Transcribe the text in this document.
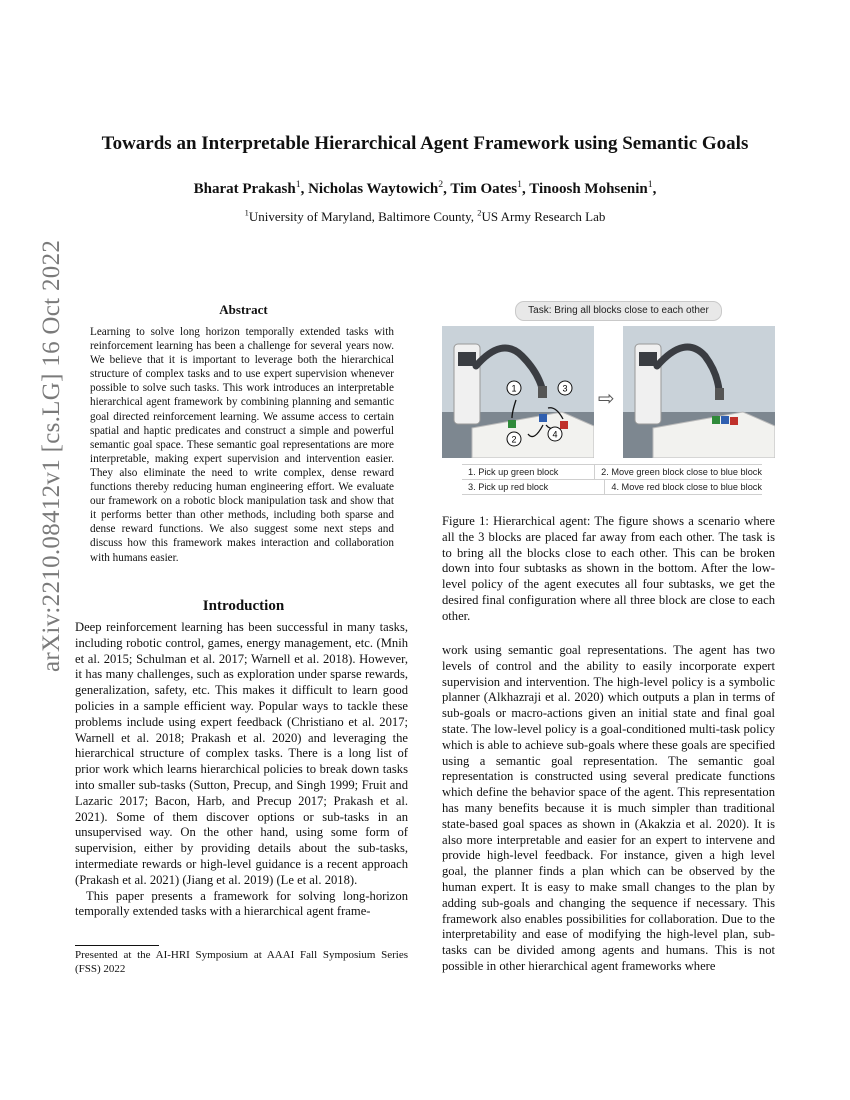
arXiv:2210.08412v1 [cs.LG] 16 Oct 2022
Towards an Interpretable Hierarchical Agent Framework using Semantic Goals
Bharat Prakash$^1$, Nicholas Waytowich$^2$, Tim Oates$^1$, Tinoosh Mohsenin$^1$,
$^1$University of Maryland, Baltimore County, $^2$US Army Research Lab
Abstract
Learning to solve long horizon temporally extended tasks with reinforcement learning has been a challenge for several years now. We believe that it is important to leverage both the hierarchical structure of complex tasks and to use expert supervision whenever possible to solve such tasks. This work introduces an interpretable hierarchical agent framework by combining planning and semantic goal directed reinforcement learning. We assume access to certain spatial and haptic predicates and construct a simple and powerful semantic goal space. These semantic goal representations are more interpretable, making expert supervision and intervention easier. They also eliminate the need to write complex, dense reward functions thereby reducing human engineering effort. We evaluate our framework on a robotic block manipulation task and show that it performs better than other methods, including both sparse and dense reward functions. We also suggest some next steps and discuss how this framework makes interaction and collaboration with humans easier.
Introduction

Deep reinforcement learning has been successful in many tasks, including robotic control, games, energy management, etc. (Mnih et al. 2015; Schulman et al. 2017; Warnell et al. 2018). However, it has many challenges, such as exploration under sparse rewards, generalization, safety, etc. This makes it difficult to learn good policies in a sample efficient way. Popular ways to tackle these problems include using expert feedback (Christiano et al. 2017; Warnell et al. 2018; Prakash et al. 2020) and leveraging the hierarchical structure of complex tasks. There is a long list of prior work which learns hierarchical policies to break down tasks into smaller sub-tasks (Sutton, Precup, and Singh 1999; Fruit and Lazaric 2017; Bacon, Harb, and Precup 2017; Prakash et al. 2021). Some of them discover options or sub-tasks in an unsupervised way. On the other hand, using some form of supervision, either by providing details about the sub-tasks, intermediate rewards or high-level guidance is a recent approach (Prakash et al. 2021) (Jiang et al. 2019) (Le et al. 2018).

This paper presents a framework for solving long-horizon temporally extended tasks with a hierarchical agent frame-

Presented at the AI-HRI Symposium at AAAI Fall Symposium Series (FSS) 2022
Task: Bring all blocks close to each other
1
2
3
4
⇨
1. Pick up green block	2. Move green block close to blue block
3. Pick up red block	4. Move red block close to blue block
Figure 1: Hierarchical agent: The figure shows a scenario where all the 3 blocks are placed far away from each other. The task is to bring all the blocks close to each other. This can be broken down into four subtasks as shown in the bottom. After the low-level policy of the agent executes all four subtasks, we get the desired final configuration where all three block are close to each other.

work using semantic goal representations. The agent has two levels of control and the ability to easily incorporate expert supervision and intervention. The high-level policy is a symbolic planner (Alkhazraji et al. 2020) which outputs a plan in terms of sub-goals or macro-actions given an initial state and final goal state. The low-level policy is a goal-conditioned multi-task policy which is able to achieve sub-goals where these goals are specified using a semantic goal representation. The semantic goal representation is constructed using several predicate functions which define the behavior space of the agent. This representation has many benefits because it is much simpler than traditional state-based goal spaces as shown in (Akakzia et al. 2020). It is also more interpretable and easier for an expert to intervene and provide high-level feedback. For instance, given a high level goal, the planner finds a plan which can be observed by the human expert. It is easy to make small changes to the plan by adding sub-goals and changing the sequence if necessary. This framework also enables possibilities for collaboration. Due to the interpretability and ease of modifying the high-level plan, sub-tasks can be divided among agents and humans. This is not possible in other hierarchical agent frameworks where
